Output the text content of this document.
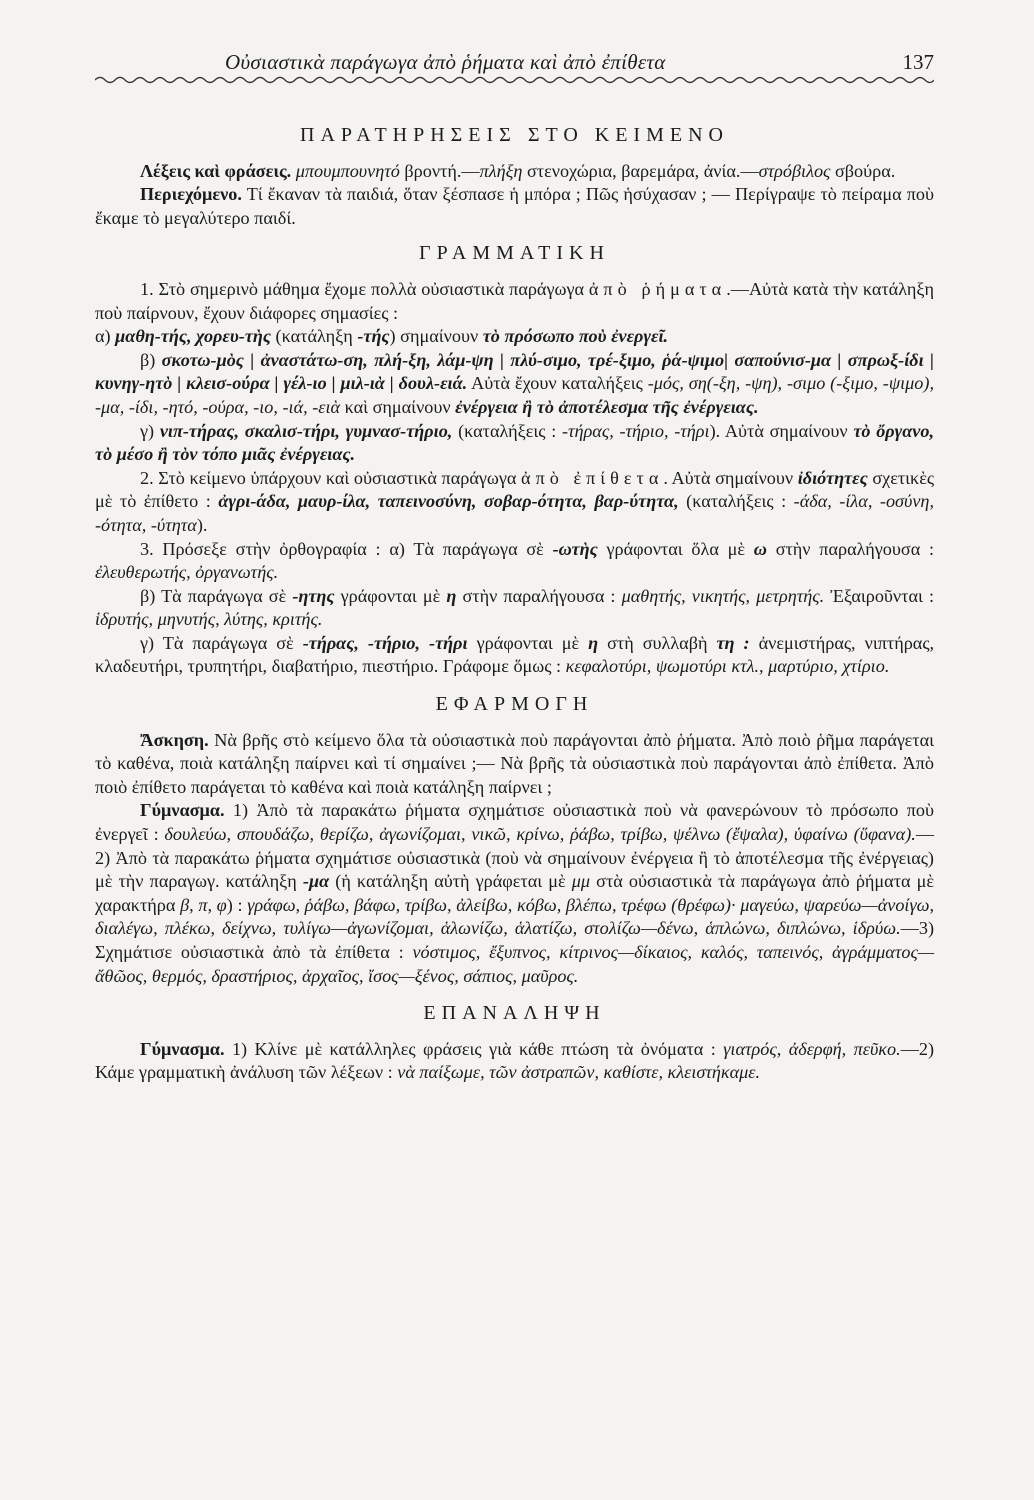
Οὐσιαστικὰ παράγωγα ἀπὸ ῥήματα καὶ ἀπὸ ἐπίθετα	137
ΠΑΡΑΤΗΡΗΣΕΙΣ ΣΤΟ ΚΕΙΜΕΝΟ

Λέξεις καὶ φράσεις. μπουμπουνητό βροντή.—πλήξη στενοχώρια, βαρεμάρα, ἀνία.—στρόβιλος σβούρα.

Περιεχόμενο. Τί ἔκαναν τὰ παιδιά, ὅταν ξέσπασε ἡ μπόρα ; Πῶς ἡσύχασαν ; — Περίγραψε τὸ πείραμα ποὺ ἔκαμε τὸ μεγαλύτερο παιδί.

ΓΡΑΜΜΑΤΙΚΗ

1. Στὸ σημερινὸ μάθημα ἔχομε πολλὰ οὐσιαστικὰ παράγωγα ἀπὸ ῥήματα.—Αὐτὰ κατὰ τὴν κατάληξη ποὺ παίρνουν, ἔχουν διάφορες σημασίες :

α) μαθη-τής, χορευ-τὴς (κατάληξη -τής) σημαίνουν τὸ πρόσωπο ποὺ ἐνεργεῖ.

β) σκοτω-μὸς | ἀναστάτω-ση, πλή-ξη, λάμ-ψη | πλύ-σιμο, τρέ-ξιμο, ῥά-ψιμο| σαπούνισ-μα | σπρωξ-ίδι | κυνηγ-ητὸ | κλεισ-ούρα | γέλ-ιο | μιλ-ιὰ | δουλ-ειά. Αὐτὰ ἔχουν καταλήξεις -μός, ση(-ξη, -ψη), -σιμο (-ξιμο, -ψιμο), -μα, -ίδι, -ητό, -ούρα, -ιο, -ιά, -ειὰ καὶ σημαίνουν ἐνέργεια ἢ τὸ ἀποτέλεσμα τῆς ἐνέργειας.

γ) νιπ-τήρας, σκαλισ-τήρι, γυμνασ-τήριο, (καταλήξεις : -τήρας, -τήριο, -τήρι). Αὐτὰ σημαίνουν τὸ ὄργανο, τὸ μέσο ἢ τὸν τόπο μιᾶς ἐνέργειας.

2. Στὸ κείμενο ὑπάρχουν καὶ οὐσιαστικὰ παράγωγα ἀπὸ ἐπίθετα. Αὐτὰ σημαίνουν ἰδιότητες σχετικὲς μὲ τὸ ἐπίθετο : ἀγρι-άδα, μαυρ-ίλα, ταπεινοσύνη, σοβαρ-ότητα, βαρ-ύτητα, (καταλήξεις : -άδα, -ίλα, -οσύνη, -ότητα, -ύτητα).

3. Πρόσεξε στὴν ὀρθογραφία : α) Τὰ παράγωγα σὲ -ωτὴς γράφονται ὅλα μὲ ω στὴν παραλήγουσα : ἐλευθερωτής, ὀργανωτής.

β) Τὰ παράγωγα σὲ -ητης γράφονται μὲ η στὴν παραλήγουσα : μαθητής, νικητής, μετρητής. Ἐξαιροῦνται : ἱδρυτής, μηνυτής, λύτης, κριτής.

γ) Τὰ παράγωγα σὲ -τήρας, -τήριο, -τήρι γράφονται μὲ η στὴ συλλαβὴ τη : ἀνεμιστήρας, νιπτήρας, κλαδευτήρι, τρυπητήρι, διαβατήριο, πιεστήριο. Γράφομε ὅμως : κεφαλοτύρι, ψωμοτύρι κτλ., μαρτύριο, χτίριο.

ΕΦΑΡΜΟΓΗ

Ἄσκηση. Νὰ βρῆς στὸ κείμενο ὅλα τὰ οὐσιαστικὰ ποὺ παράγονται ἀπὸ ῥήματα. Ἀπὸ ποιὸ ῥῆμα παράγεται τὸ καθένα, ποιὰ κατάληξη παίρνει καὶ τί σημαίνει ;— Νὰ βρῆς τὰ οὐσιαστικὰ ποὺ παράγονται ἀπὸ ἐπίθετα. Ἀπὸ ποιὸ ἐπίθετο παράγεται τὸ καθένα καὶ ποιὰ κατάληξη παίρνει ;

Γύμνασμα. 1) Ἀπὸ τὰ παρακάτω ῥήματα σχημάτισε οὐσιαστικὰ ποὺ νὰ φανερώνουν τὸ πρόσωπο ποὺ ἐνεργεῖ : δουλεύω, σπουδάζω, θερίζω, ἀγωνίζομαι, νικῶ, κρίνω, ῥάβω, τρίβω, ψέλνω (ἔψαλα), ὑφαίνω (ὕφανα).— 2) Ἀπὸ τὰ παρακάτω ῥήματα σχημάτισε οὐσιαστικὰ (ποὺ νὰ σημαίνουν ἐνέργεια ἢ τὸ ἀποτέλεσμα τῆς ἐνέργειας) μὲ τὴν παραγωγ. κατάληξη -μα (ἡ κατάληξη αὐτὴ γράφεται μὲ μμ στὰ οὐσιαστικὰ τὰ παράγωγα ἀπὸ ῥήματα μὲ χαρακτήρα β, π, φ) : γράφω, ῥάβω, βάφω, τρίβω, ἀλείβω, κόβω, βλέπω, τρέφω (θρέφω)· μαγεύω, ψαρεύω—ἀνοίγω, διαλέγω, πλέκω, δείχνω, τυλίγω—ἀγωνίζομαι, ἁλωνίζω, ἁλατίζω, στολίζω—δένω, ἁπλώνω, διπλώνω, ἱδρύω.—3) Σχημάτισε οὐσιαστικὰ ἀπὸ τὰ ἐπίθετα : νόστιμος, ἔξυπνος, κίτρινος—δίκαιος, καλός, ταπεινός, ἀγράμματος—ἄθῶος, θερμός, δραστήριος, ἀρχαῖος, ἴσος—ξένος, σάπιος, μαῦρος.

ΕΠΑΝΑΛΗΨΗ

Γύμνασμα. 1) Κλίνε μὲ κατάλληλες φράσεις γιὰ κάθε πτώση τὰ ὀνόματα : γιατρός, ἀδερφή, πεῦκο.—2) Κάμε γραμματικὴ ἀνάλυση τῶν λέξεων : νὰ παίξωμε, τῶν ἀστραπῶν, καθίστε, κλειστήκαμε.
